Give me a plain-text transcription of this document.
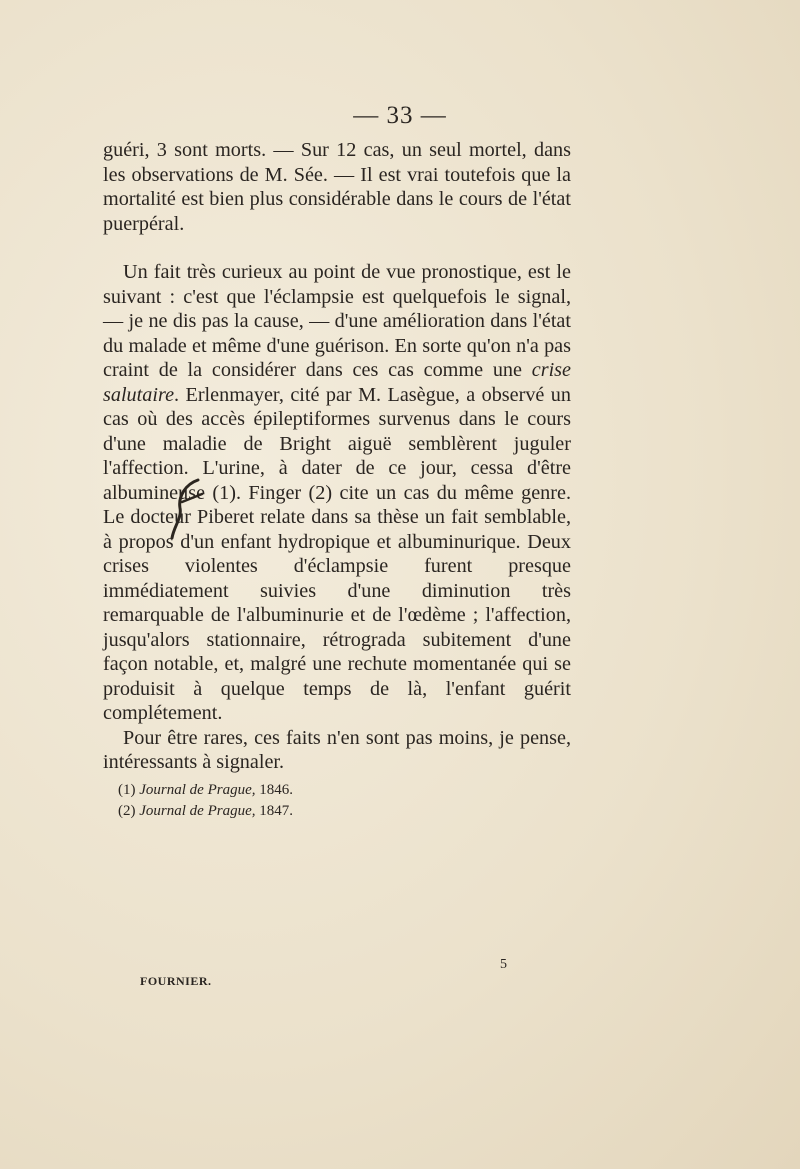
— 33 —

guéri, 3 sont morts. — Sur 12 cas, un seul mortel, dans les observations de M. Sée. — Il est vrai toutefois que la mortalité est bien plus considérable dans le cours de l'état puerpéral.

Un fait très curieux au point de vue pronostique, est le suivant : c'est que l'éclampsie est quelquefois le signal, — je ne dis pas la cause, — d'une amélioration dans l'état du malade et même d'une guérison. En sorte qu'on n'a pas craint de la considérer dans ces cas comme une crise salutaire. Erlenmayer, cité par M. Lasègue, a observé un cas où des accès épileptiformes survenus dans le cours d'une maladie de Bright aiguë semblèrent juguler l'affection. L'urine, à dater de ce jour, cessa d'être albumineuse (1). Finger (2) cite un cas du même genre. Le docteur Piberet relate dans sa thèse un fait semblable, à propos d'un enfant hydropique et albuminurique. Deux crises violentes d'éclampsie furent presque immédiatement suivies d'une diminution très remarquable de l'albuminurie et de l'œdème ; l'affection, jusqu'alors stationnaire, rétrograda subitement d'une façon notable, et, malgré une rechute momentanée qui se produisit à quelque temps de là, l'enfant guérit complétement.

Pour être rares, ces faits n'en sont pas moins, je pense, intéressants à signaler.

(1) Journal de Prague, 1846.
(2) Journal de Prague, 1847.
5
FOURNIER.
